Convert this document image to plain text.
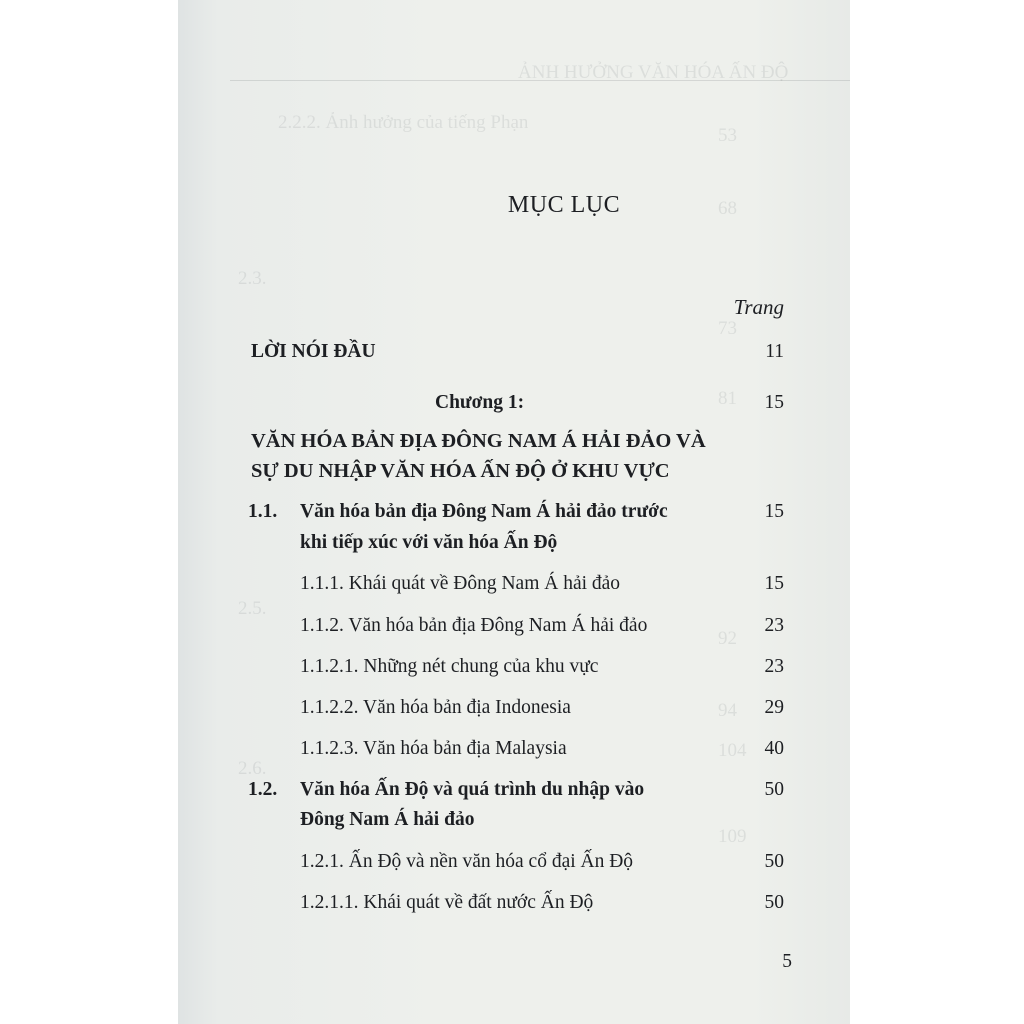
ẢNH HƯỞNG VĂN HÓA ẤN ĐỘ
2.2.2. Ảnh hưởng của tiếng Phạn
53
68
2.3.
73
81
2.5.
92
94
104
2.6.
109
MỤC LỤC
Trang
LỜI NÓI ĐẦU	11
Chương 1:	15
VĂN HÓA BẢN ĐỊA ĐÔNG NAM Á HẢI ĐẢO VÀ
SỰ DU NHẬP VĂN HÓA ẤN ĐỘ Ở KHU VỰC
1.1. Văn hóa bản địa Đông Nam Á hải đảo trước
khi tiếp xúc với văn hóa Ấn Độ
15
1.1.1. Khái quát về Đông Nam Á hải đảo	15
1.1.2. Văn hóa bản địa Đông Nam Á hải đảo	23
1.1.2.1. Những nét chung của khu vực	23
1.1.2.2. Văn hóa bản địa Indonesia	29
1.1.2.3. Văn hóa bản địa Malaysia	40
1.2. Văn hóa Ấn Độ và quá trình du nhập vào
Đông Nam Á hải đảo
50
1.2.1. Ấn Độ và nền văn hóa cổ đại Ấn Độ	50
1.2.1.1. Khái quát về đất nước Ấn Độ	50
5
